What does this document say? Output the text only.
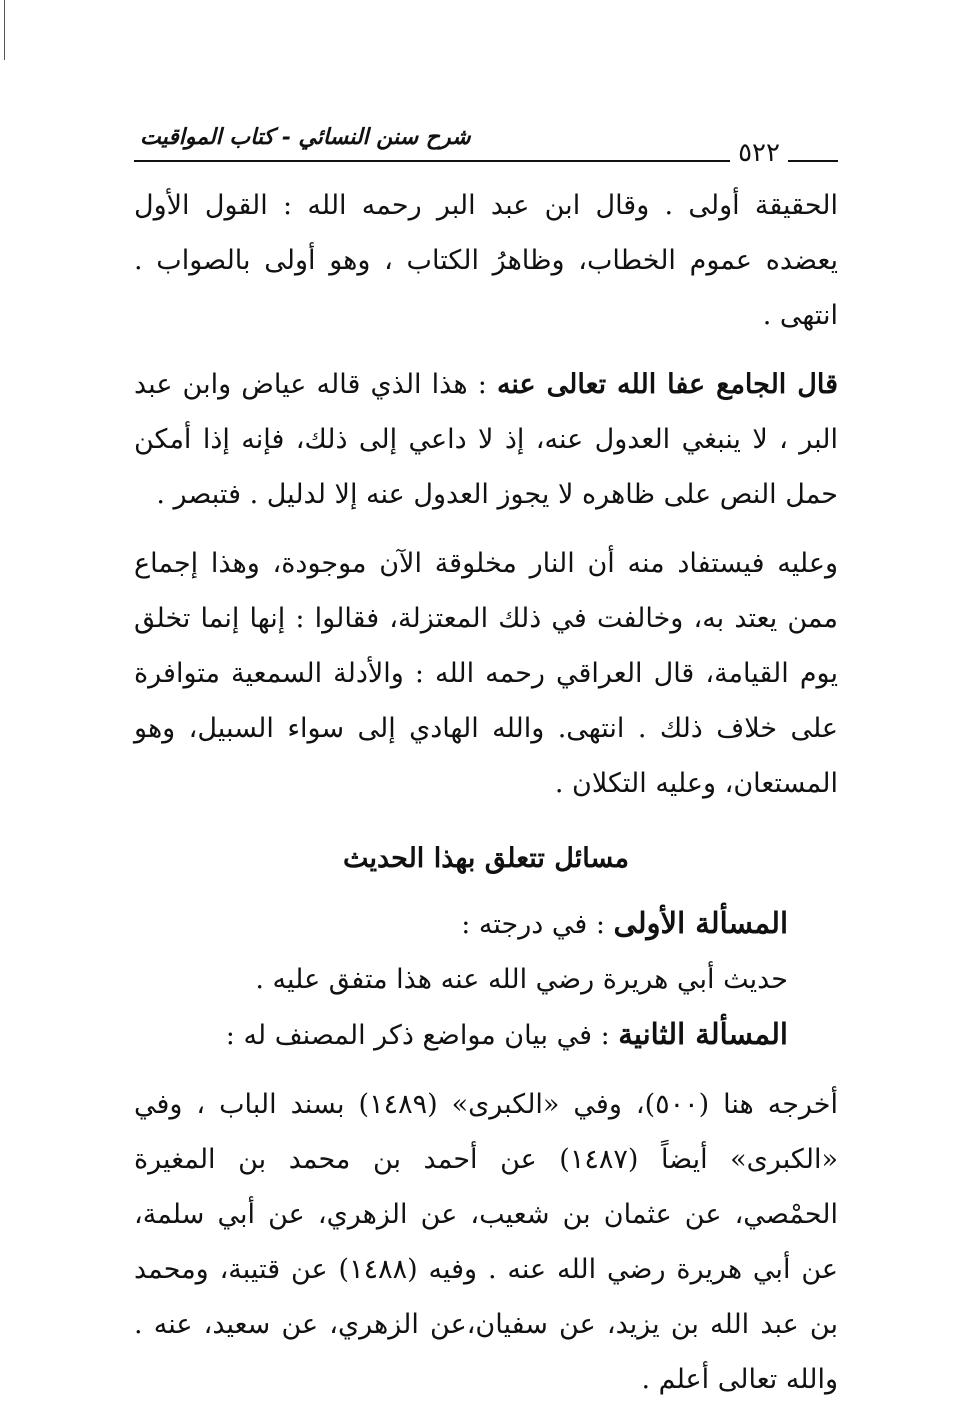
٥٢٢
شرح سنن النسائي - كتاب المواقيت

الحقيقة أولى . وقال ابن عبد البر رحمه الله : القول الأول يعضده عموم الخطاب، وظاهرُ الكتاب ، وهو أولى بالصواب . انتهى .

قال الجامع عفا الله تعالى عنه : هذا الذي قاله عياض وابن عبد البر ، لا ينبغي العدول عنه، إذ لا داعي إلى ذلك، فإنه إذا أمكن حمل النص على ظاهره لا يجوز العدول عنه إلا لدليل . فتبصر .

وعليه فيستفاد منه أن النار مخلوقة الآن موجودة، وهذا إجماع ممن يعتد به، وخالفت في ذلك المعتزلة، فقالوا : إنها إنما تخلق يوم القيامة، قال العراقي رحمه الله : والأدلة السمعية متوافرة على خلاف ذلك . انتهى. والله الهادي إلى سواء السبيل، وهو المستعان، وعليه التكلان .

مسائل تتعلق بهذا الحديث

المسألة الأولى : في درجته :

حديث أبي هريرة رضي الله عنه هذا متفق عليه .

المسألة الثانية : في بيان مواضع ذكر المصنف له :

أخرجه هنا (٥٠٠)، وفي «الكبرى» (١٤٨٩) بسند الباب ، وفي «الكبرى» أيضاً (١٤٨٧) عن أحمد بن محمد بن المغيرة الحمْصي، عن عثمان بن شعيب، عن الزهري، عن أبي سلمة، عن أبي هريرة رضي الله عنه . وفيه (١٤٨٨) عن قتيبة، ومحمد بن عبد الله بن يزيد، عن سفيان،عن الزهري، عن سعيد، عنه . والله تعالى أعلم .
